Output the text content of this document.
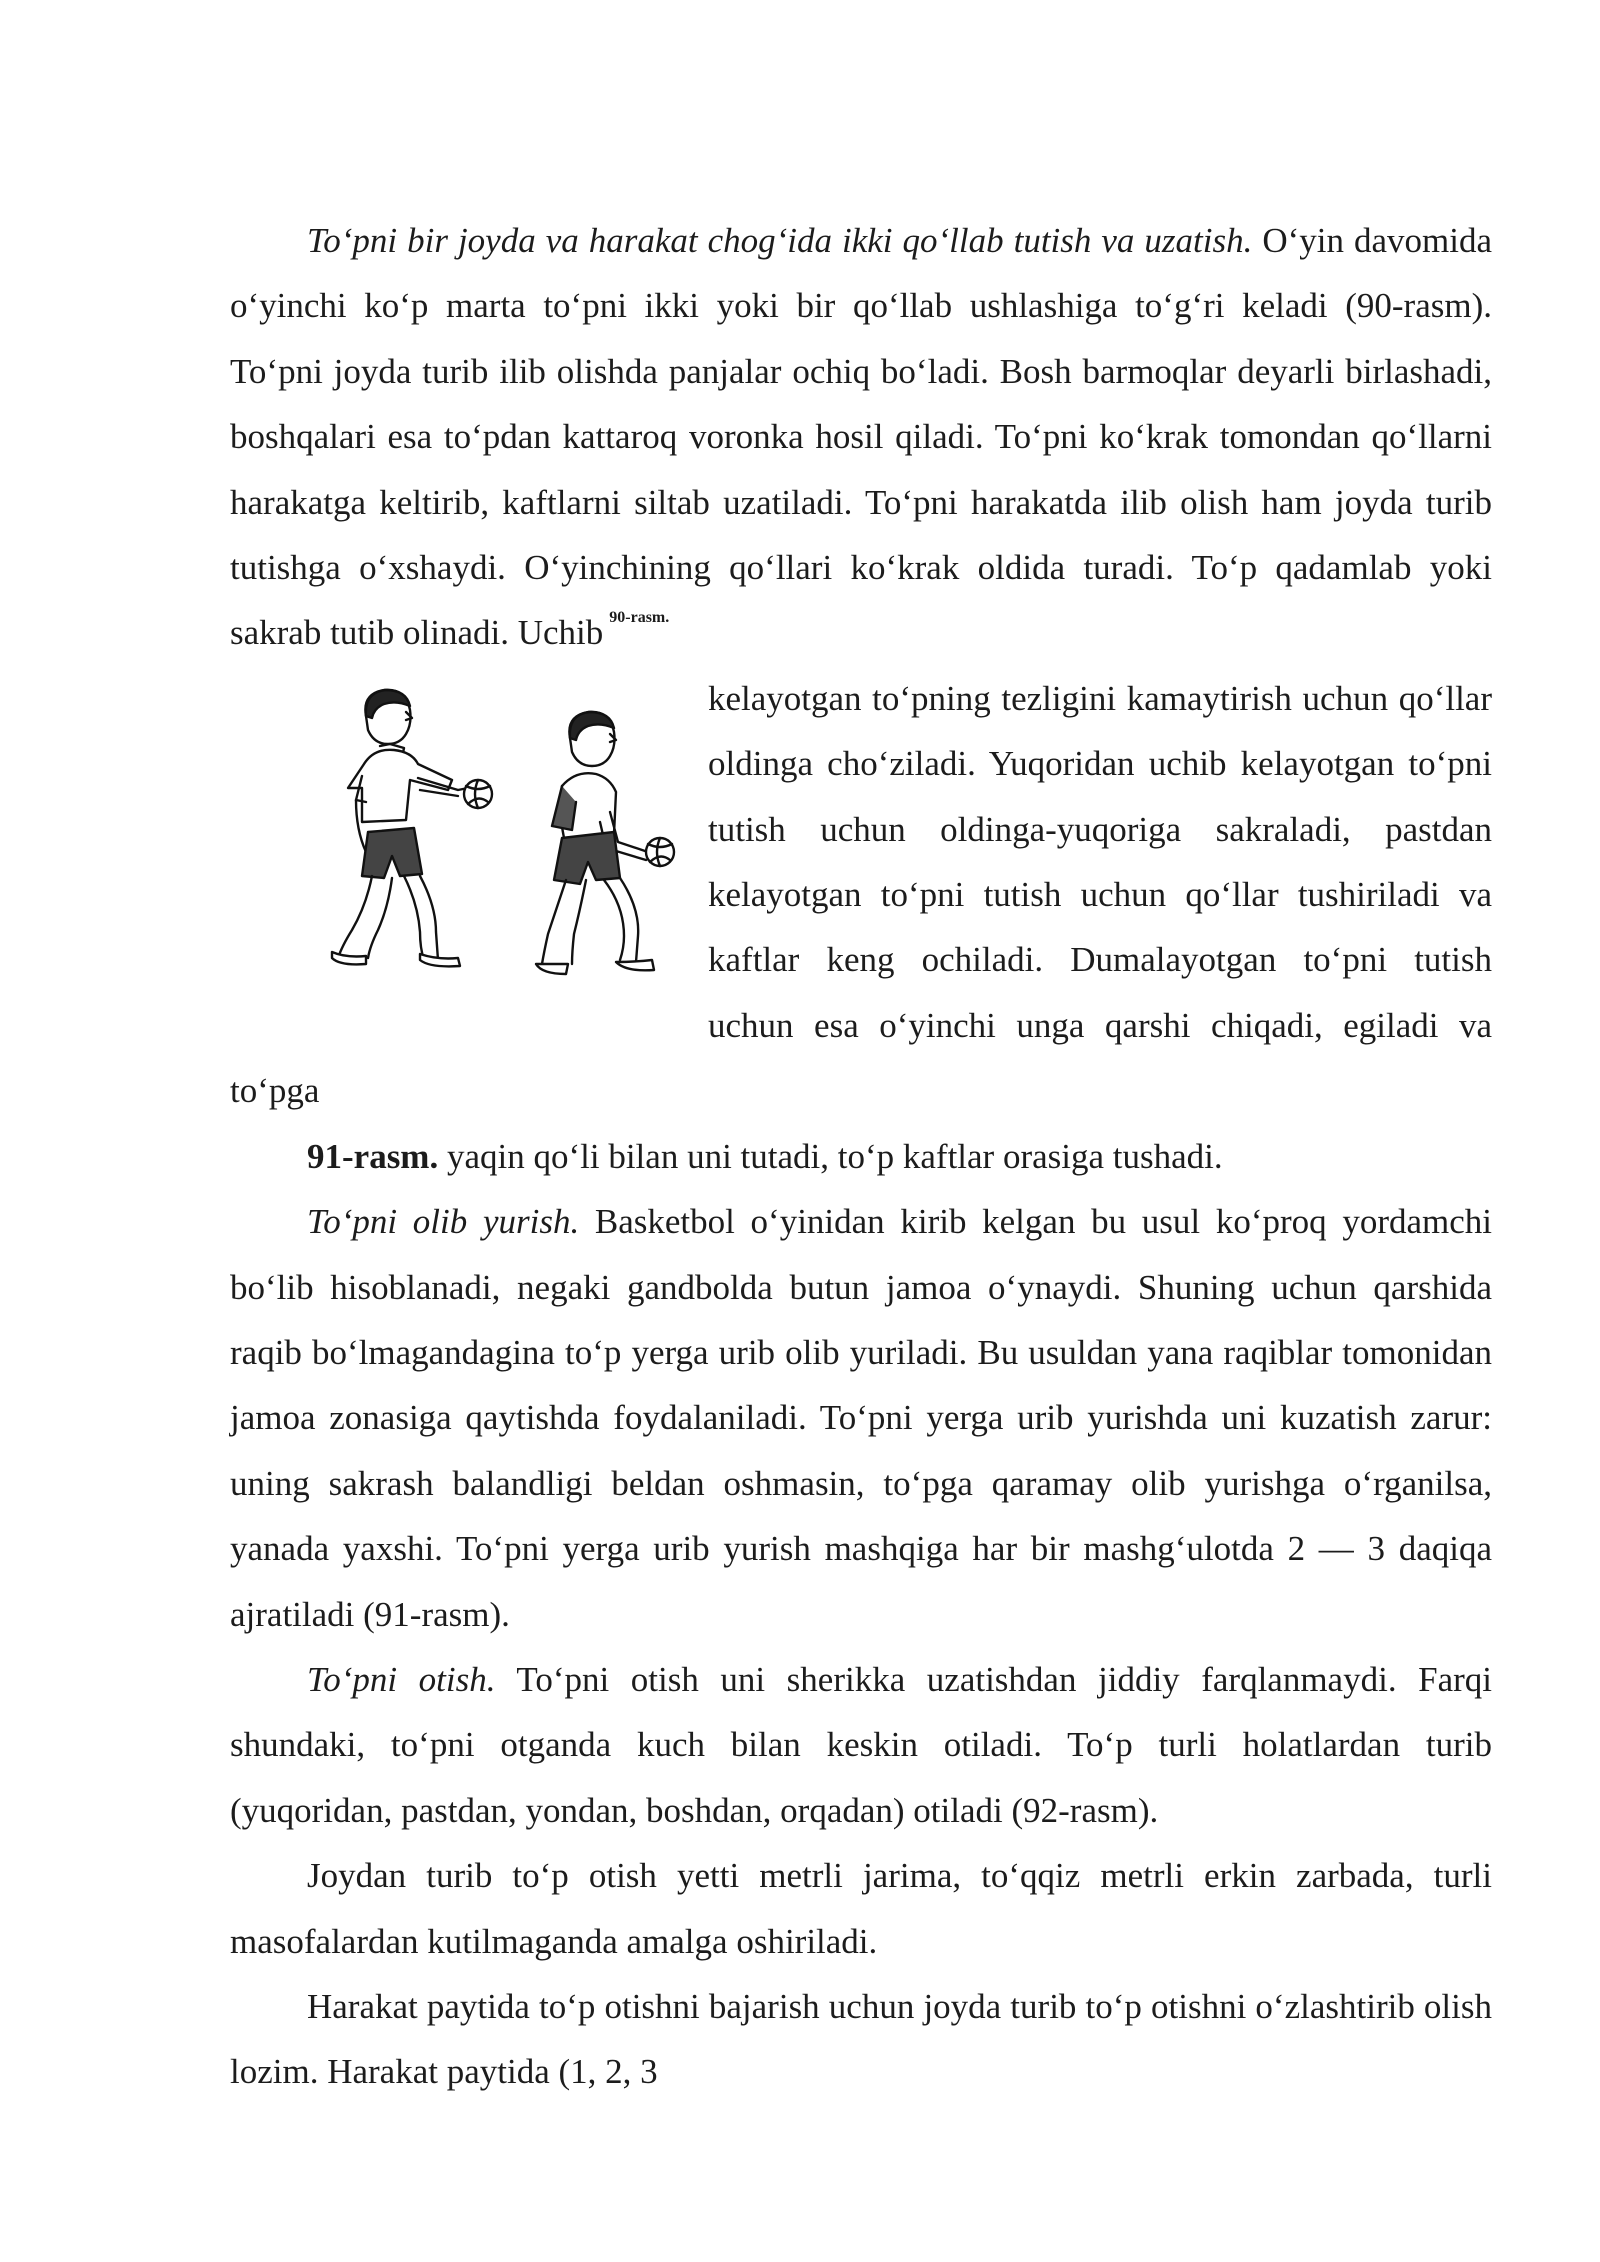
To‘pni bir joyda va harakat chog‘ida ikki qo‘llab tutish va uzatish. O‘yin davomida o‘yinchi ko‘p marta to‘pni ikki yoki bir qo‘llab ushlashiga to‘g‘ri keladi (90-rasm). To‘pni joyda turib ilib olishda panjalar ochiq bo‘ladi. Bosh barmoqlar deyarli birlashadi, boshqalari esa to‘pdan kattaroq voronka hosil qiladi. To‘pni ko‘krak tomondan qo‘llarni harakatga keltirib, kaftlarni siltab uzatiladi. To‘pni harakatda ilib olish ham joyda turib tutishga o‘xshaydi. O‘yinchining qo‘llari ko‘krak oldida turadi. To‘p qadamlab yoki sakrab tutib olinadi. Uchib $^{90-rasm.}$

kelayotgan to‘pning tezligini kamaytirish uchun qo‘llar oldinga cho‘ziladi. Yuqoridan uchib kelayotgan to‘pni tutish uchun oldinga-yuqoriga sakraladi, pastdan kelayotgan to‘pni tutish uchun qo‘llar tushiriladi va kaftlar keng ochiladi. Dumalayotgan to‘pni tutish uchun esa o‘yinchi unga qarshi chiqadi, egiladi va to‘pga

91-rasm. yaqin qo‘li bilan uni tutadi, to‘p kaftlar orasiga tushadi.

To‘pni olib yurish. Basketbol o‘yinidan kirib kelgan bu usul ko‘proq yordamchi bo‘lib hisoblanadi, negaki gandbolda butun jamoa o‘ynaydi. Shuning uchun qarshida raqib bo‘lmagandagina to‘p yerga urib olib yuriladi. Bu usuldan yana raqiblar tomonidan jamoa zonasiga qaytishda foydalaniladi. To‘pni yerga urib yurishda uni kuzatish zarur: uning sakrash balandligi beldan oshmasin, to‘pga qaramay olib yurishga o‘rganilsa, yanada yaxshi. To‘pni yerga urib yurish mashqiga har bir mashg‘ulotda 2 — 3 daqiqa ajratiladi (91-rasm).

To‘pni otish. To‘pni otish uni sherikka uzatishdan jiddiy farqlanmaydi. Farqi shundaki, to‘pni otganda kuch bilan keskin otiladi. To‘p turli holatlardan turib (yuqoridan, pastdan, yondan, boshdan, orqadan) otiladi (92-rasm).

Joydan turib to‘p otish yetti metrli jarima, to‘qqiz metrli erkin zarbada, turli masofalardan kutilmaganda amalga oshiriladi.

Harakat paytida to‘p otishni bajarish uchun joyda turib to‘p otishni o‘zlashtirib olish lozim. Harakat paytida (1, 2, 3
